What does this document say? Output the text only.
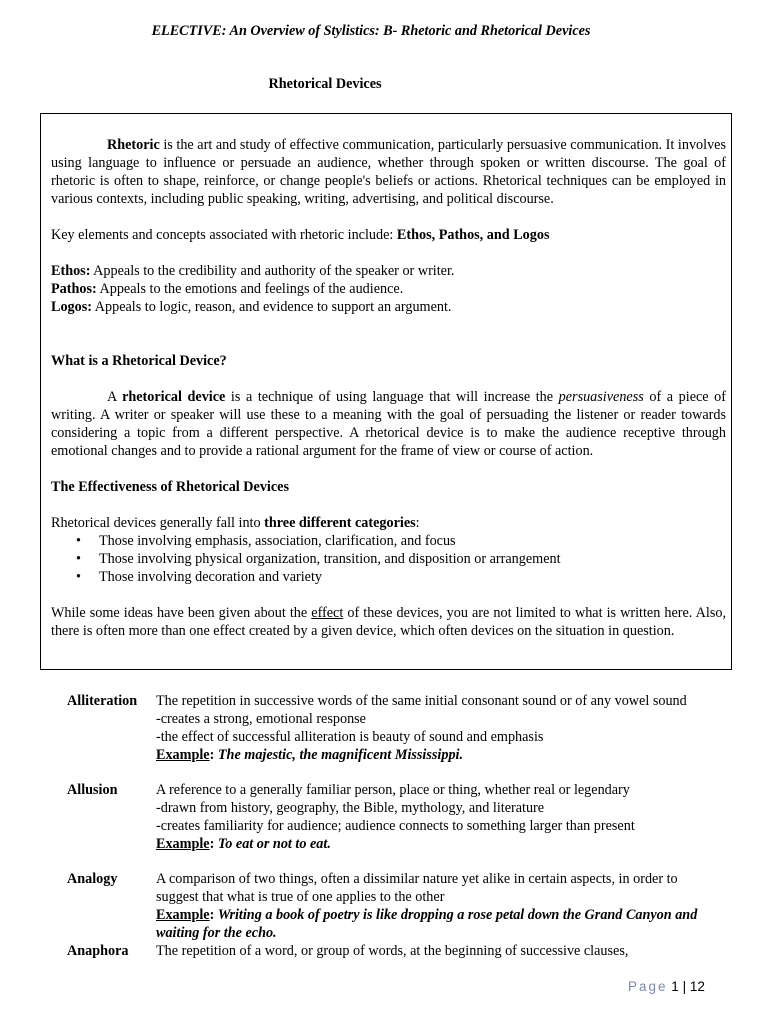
ELECTIVE: An Overview of Stylistics: B- Rhetoric and Rhetorical Devices
Rhetorical Devices

Rhetoric is the art and study of effective communication, particularly persuasive communication. It involves using language to influence or persuade an audience, whether through spoken or written discourse. The goal of rhetoric is often to shape, reinforce, or change people's beliefs or actions. Rhetorical techniques can be employed in various contexts, including public speaking, writing, advertising, and political discourse.

Key elements and concepts associated with rhetoric include: Ethos, Pathos, and Logos

Ethos: Appeals to the credibility and authority of the speaker or writer.

Pathos: Appeals to the emotions and feelings of the audience.

Logos: Appeals to logic, reason, and evidence to support an argument.

What is a Rhetorical Device?

A rhetorical device is a technique of using language that will increase the persuasiveness of a piece of writing. A writer or speaker will use these to a meaning with the goal of persuading the listener or reader towards considering a topic from a different perspective. A rhetorical device is to make the audience receptive through emotional changes and to provide a rational argument for the frame of view or course of action.

The Effectiveness of Rhetorical Devices

Rhetorical devices generally fall into three different categories:

• Those involving emphasis, association, clarification, and focus
• Those involving physical organization, transition, and disposition or arrangement
• Those involving decoration and variety

While some ideas have been given about the effect of these devices, you are not limited to what is written here. Also, there is often more than one effect created by a given device, which often devices on the situation in question.

Alliteration	The repetition in successive words of the same initial consonant sound or of any vowel sound
-creates a strong, emotional response
-the effect of successful alliteration is beauty of sound and emphasis
Example: The majestic, the magnificent Mississippi.
Allusion	A reference to a generally familiar person, place or thing, whether real or legendary
-drawn from history, geography, the Bible, mythology, and literature
-creates familiarity for audience; audience connects to something larger than present
Example: To eat or not to eat.
Analogy	A comparison of two things, often a dissimilar nature yet alike in certain aspects, in order to suggest that what is true of one applies to the other
Example: Writing a book of poetry is like dropping a rose petal down the Grand Canyon and waiting for the echo.
Anaphora	The repetition of a word, or group of words, at the beginning of successive clauses,
Page 1 | 12
